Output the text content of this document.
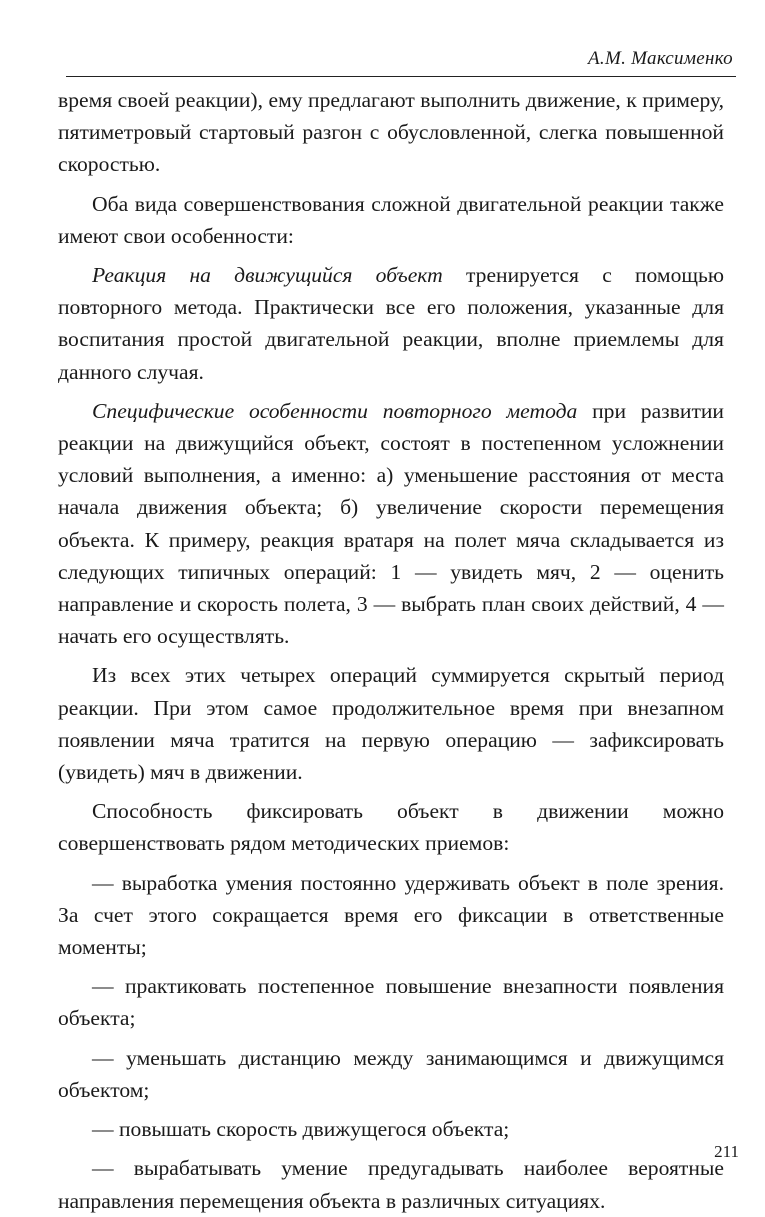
А.М. Максименко

время своей реакции), ему предлагают выполнить движение, к примеру, пятиметровый стартовый разгон с обусловленной, слегка повышенной скоростью.

Оба вида совершенствования сложной двигательной реакции также имеют свои особенности:

Реакция на движущийся объект тренируется с помощью повторного метода. Практически все его положения, указанные для воспитания простой двигательной реакции, вполне приемлемы для данного случая.

Специфические особенности повторного метода при развитии реакции на движущийся объект, состоят в постепенном усложнении условий выполнения, а именно: а) уменьшение расстояния от места начала движения объекта; б) увеличение скорости перемещения объекта. К примеру, реакция вратаря на полет мяча складывается из следующих типичных операций: 1 — увидеть мяч, 2 — оценить направление и скорость полета, 3 — выбрать план своих действий, 4 — начать его осуществлять.

Из всех этих четырех операций суммируется скрытый период реакции. При этом самое продолжительное время при внезапном появлении мяча тратится на первую операцию — зафиксировать (увидеть) мяч в движении.

Способность фиксировать объект в движении можно совершенствовать рядом методических приемов:

— выработка умения постоянно удерживать объект в поле зрения. За счет этого сокращается время его фиксации в ответственные моменты;

— практиковать постепенное повышение внезапности появления объекта;

— уменьшать дистанцию между занимающимся и движущимся объектом;

— повышать скорость движущегося объекта;

— вырабатывать умение предугадывать наиболее вероятные направления перемещения объекта в различных ситуациях.

211
